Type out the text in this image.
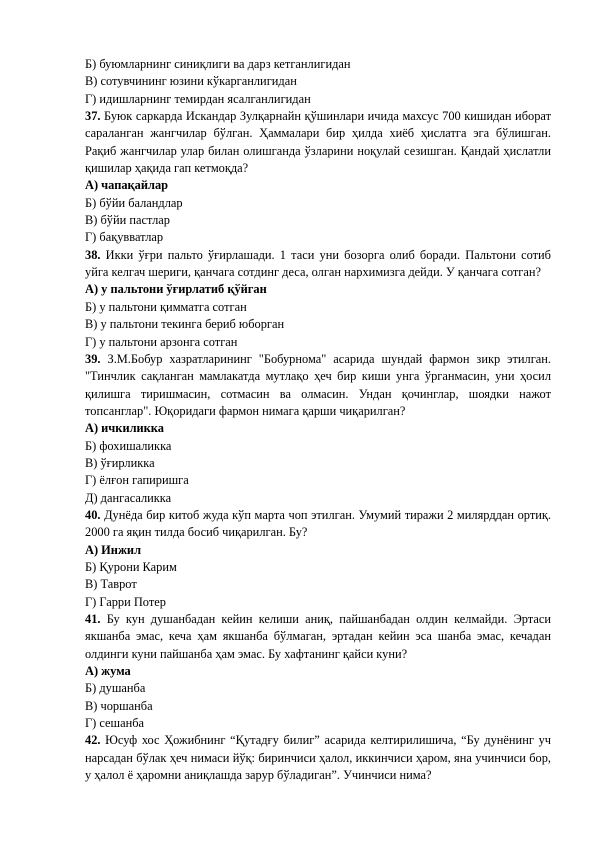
Б) буюмларнинг синиқлиги ва дарз кетганлигидан
В) сотувчининг юзини кўкарганлигидан
Г) идишларнинг темирдан ясалганлигидан
37. Буюк саркарда Искандар Зулқарнайн қўшинлари ичида махсус 700 кишидан иборат сараланган жангчилар бўлган. Ҳаммалари бир ҳилда хиёб ҳислатга эга бўлишган. Рақиб жангчилар улар билан олишганда ўзларини ноқулай сезишган. Қандай ҳислатли қишилар ҳақида гап кетмоқда?
А) чапақайлар
Б) бўйи баландлар
В) бўйи пастлар
Г) бақувватлар
38. Икки ўғри пальто ўғирлашади. 1 таси уни бозорга олиб боради. Пальтони сотиб уйга келгач шериги, қанчага сотдинг деса, олган нархимизга дейди. У қанчага сотган?
А) у пальтони ўғирлатиб қўйган
Б) у пальтони қимматга сотган
В) у пальтони текинга бериб юборган
Г) у пальтони арзонга сотган
39. З.М.Бобур хазратларининг "Бобурнома" асарида шундай фармон зикр этилган. "Тинчлик сақланган мамлакатда мутлақо ҳеч бир киши унга ўрганмасин, уни ҳосил қилишга тиришмасин, сотмасин ва олмасин. Ундан қочинглар, шоядки нажот топсанглар". Юқоридаги фармон нимага қарши чиқарилган?
А) ичкиликка
Б) фохишаликка
В) ўғирликка
Г) ёлғон гапиришга
Д) дангасаликка
40. Дунёда бир китоб жуда кўп марта чоп этилган. Умумий тиражи 2 милярддан ортиқ. 2000 га яқин тилда босиб чиқарилган. Бу?
А) Инжил
Б) Қурони Карим
В) Таврот
Г) Гарри Потер
41. Бу кун душанбадан кейин келиши аниқ, пайшанбадан олдин келмайди. Эртаси якшанба эмас, кеча ҳам якшанба бўлмаган, эртадан кейин эса шанба эмас, кечадан олдинги куни пайшанба ҳам эмас. Бу хафтанинг қайси куни?
А) жума
Б) душанба
В) чоршанба
Г) сешанба
42. Юсуф хос Ҳожибнинг “Қутадғу билиг” асарида келтирилишича, “Бу дунёнинг уч нарсадан бўлак ҳеч нимаси йўқ: биринчиси ҳалол, иккинчиси ҳаром, яна учинчиси бор, у ҳалол ё ҳаромни аниқлашда зарур бўладиган”. Учинчиси нима?
